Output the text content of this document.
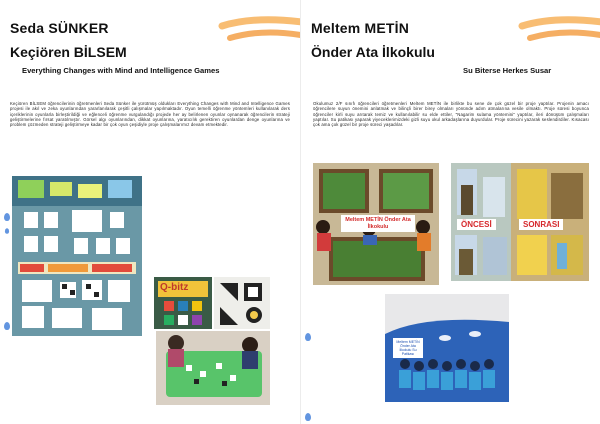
Seda SÜNKER
Keçiören BİLSEM
Everything Changes with Mind and Intelligence Games
Keçiören BİLSEM öğrencilerinin öğretmenleri Seda Sünker ile yürütmüş oldukları Everything Changes with Mind and Intelligence Games projesi ile akıl ve zeka oyunlarından yararlanılarak çeşitli çalışmalar yapılmaktadır. Oyun temelli öğrenme yöntemleri kullanılarak ders içeriklerinin oyunlarla birleştirildiği ve eğlenceli öğrenme vurgulandığı projede her ay belirlenen oyunlar oynanarak öğrencilerin strateji geliştirmelerine fırsat yaratılmıştır. Görsel algı oyunlarından, dikkat oyunlarına, yaratıcılık gerektiren oyunlardan denge oyunlarına ve problem çözmeden strateji geliştirmeye kadar bir çok oyun çeşidiyle proje çalışmalarımız devam etmektedir.
Q-bitz
Meltem METİN
Önder Ata İlkokulu
Su Biterse Herkes Susar
Okulumuz 2/F sınıfı öğrencileri öğretmenleri Meltem METİN ile birlikte bu sene de çok güzel bir proje yaptılar. Projenin amacı öğrencilere suyun önemini anlatmak ve bilinçli birer birey olmaları yönünde adım atmalarına vesile olmaktı. Proje süresi boyunca öğrenciler kirli suyu arıtarak temiz ve kullanılabilir su elde ettiler, "Nagarim sulama yöntemini" yaptılar, ileri dönüşüm çalışmaları yaptılar. Su patikası yaparak yiyeceklerimizdeki gizli suyu okul arkadaşlarına duyurdular. Proje sürecini yazarak seslendirdiler. Kısacası çok ama çok güzel bir proje süreci yaşadılar.
Meltem METİN Önder Ata İlkokulu	ÖNCESİ	SONRASI
Meltem METİN Önder Ata İlkokulu Su Patikası
